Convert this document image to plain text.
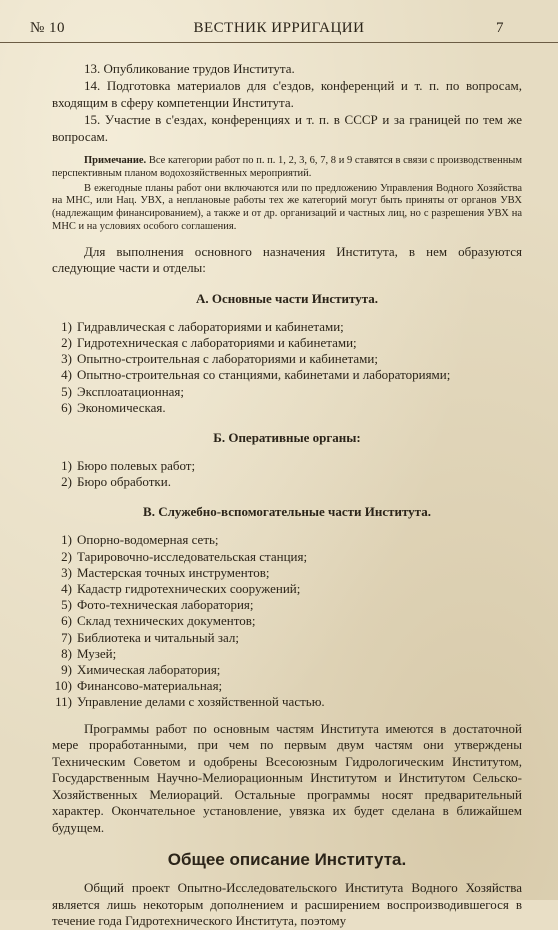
№ 10	ВЕСТНИК ИРРИГАЦИИ	7

13. Опубликование трудов Института.

14. Подготовка материалов для с'ездов, конференций и т. п. по вопросам, входящим в сферу компетенции Института.

15. Участие в с'ездах, конференциях и т. п. в СССР и за границей по тем же вопросам.

Примечание. Все категории работ по п. п. 1, 2, 3, 6, 7, 8 и 9 ставятся в связи с производственным перспективным планом водохозяйственных мероприятий.

В ежегодные планы работ они включаются или по предложению Управления Водного Хозяйства на МНС, или Нац. УВХ, а неплановые работы тех же категорий могут быть приняты от органов УВХ (надлежащим финансированием), а также и от др. организаций и частных лиц, но с разрешения УВХ на МНС и на условиях особого соглашения.

Для выполнения основного назначения Института, в нем образуются следующие части и отделы:

А. Основные части Института.

1) Гидравлическая с лабораториями и кабинетами;
2) Гидротехническая с лабораториями и кабинетами;
3) Опытно-строительная с лабораториями и кабинетами;
4) Опытно-строительная со станциями, кабинетами и лабораториями;
5) Эксплоатационная;
6) Экономическая.

Б. Оперативные органы:

1) Бюро полевых работ;
2) Бюро обработки.

В. Служебно-вспомогательные части Института.

1) Опорно-водомерная сеть;
2) Тарировочно-исследовательская станция;
3) Мастерская точных инструментов;
4) Кадастр гидротехнических сооружений;
5) Фото-техническая лаборатория;
6) Склад технических документов;
7) Библиотека и читальный зал;
8) Музей;
9) Химическая лаборатория;
10) Финансово-материальная;
11) Управление делами с хозяйственной частью.

Программы работ по основным частям Института имеются в достаточной мере проработанными, при чем по первым двум частям они утверждены Техническим Советом и одобрены Всесоюзным Гидрологическим Институтом, Государственным Научно-Мелиорационным Институтом и Институтом Сельско-Хозяйственных Мелиораций. Остальные программы носят предварительный характер. Окончательное установление, увязка их будет сделана в ближайшем будущем.

Общее описание Института.

Общий проект Опытно-Исследовательского Института Водного Хозяйства является лишь некоторым дополнением и расширением воспроизводившегося в течение года Гидротехнического Института, поэтому
